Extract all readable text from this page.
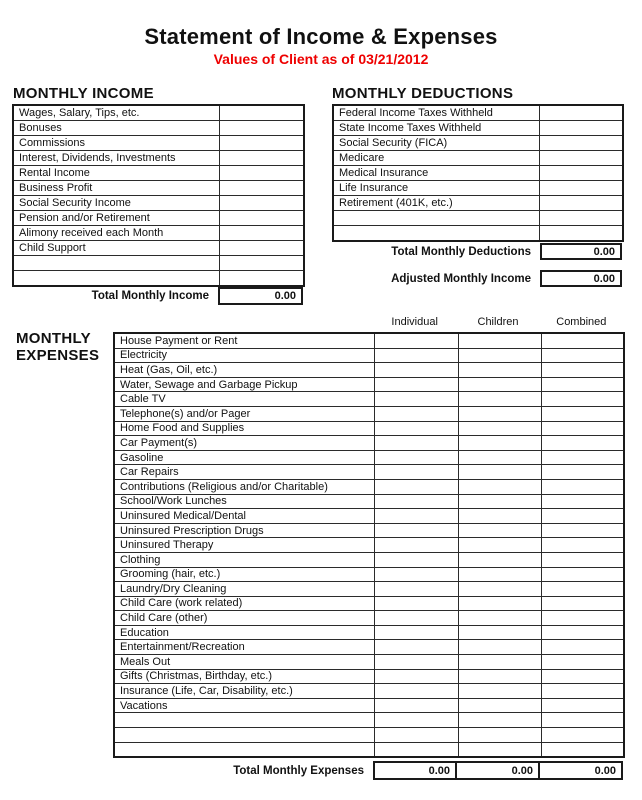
Statement of Income & Expenses
Values of Client as of 03/21/2012
MONTHLY INCOME
Wages, Salary, Tips, etc.	
Bonuses	
Commissions	
Interest, Dividends, Investments	
Rental Income	
Business Profit	
Social Security Income	
Pension and/or Retirement	
Alimony received each Month	
Child Support	

Total Monthly Income	0.00
MONTHLY DEDUCTIONS
Federal Income Taxes Withheld	
State Income Taxes Withheld	
Social Security (FICA)	
Medicare	
Medical Insurance	
Life Insurance	
Retirement (401K, etc.)	

Total Monthly Deductions	0.00
Adjusted Monthly Income	0.00
MONTHLY
EXPENSES
Individual	Children	Combined
House Payment or Rent			
Electricity			
Heat (Gas, Oil, etc.)			
Water, Sewage and Garbage Pickup			
Cable TV			
Telephone(s) and/or Pager			
Home Food and Supplies			
Car Payment(s)			
Gasoline			
Car Repairs			
Contributions (Religious and/or Charitable)			
School/Work Lunches			
Uninsured Medical/Dental			
Uninsured Prescription Drugs			
Uninsured Therapy			
Clothing			
Grooming (hair, etc.)			
Laundry/Dry Cleaning			
Child Care (work related)			
Child Care (other)			
Education			
Entertainment/Recreation			
Meals Out			
Gifts (Christmas, Birthday, etc.)			
Insurance (Life, Car, Disability, etc.)			
Vacations			

Total Monthly Expenses	0.00	0.00	0.00
